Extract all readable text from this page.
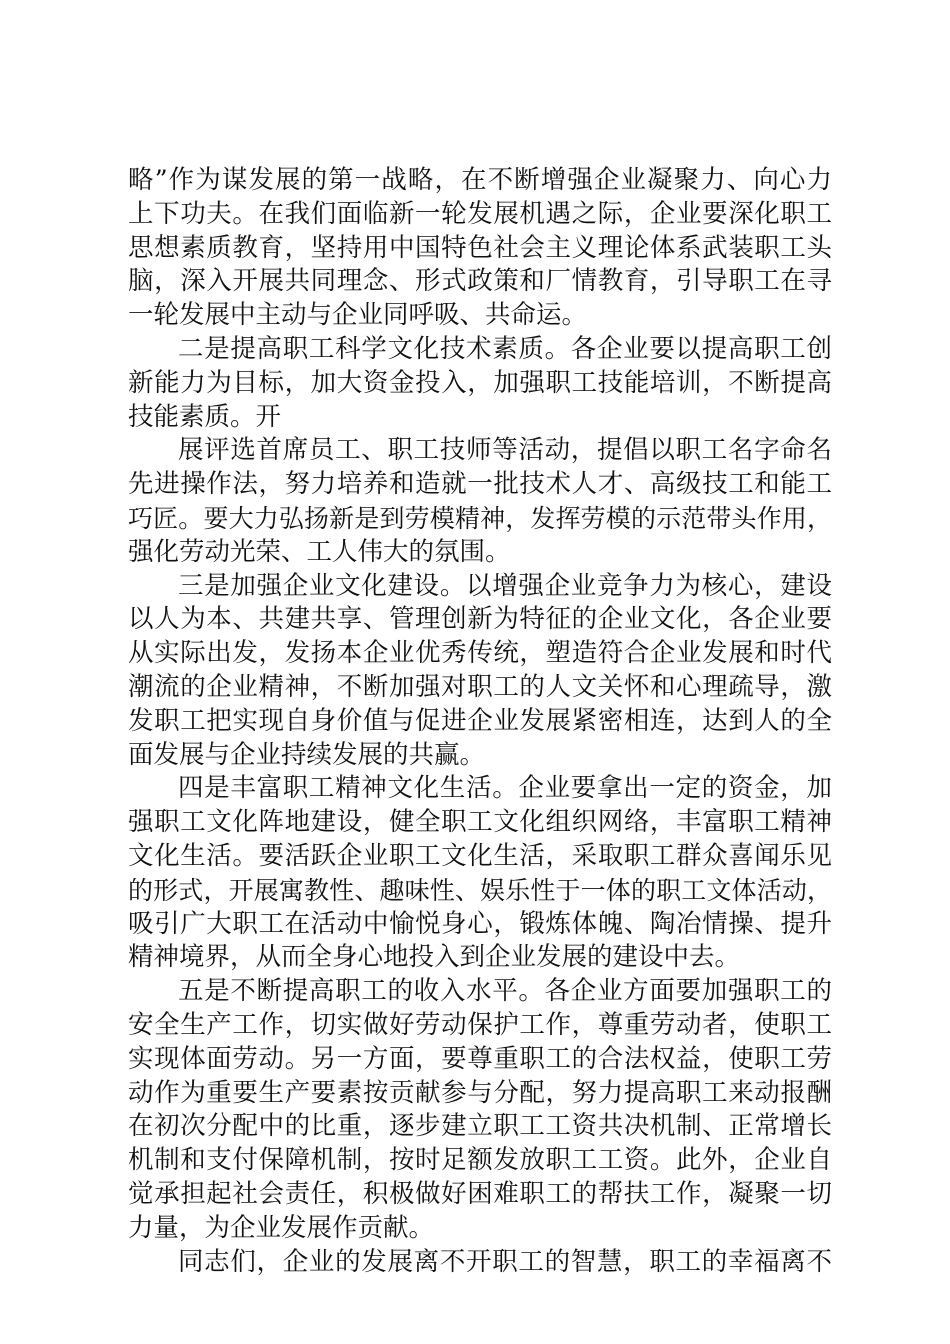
略”作为谋发展的第一战略，在不断增强企业凝聚力、向心力
上下功夫。在我们面临新一轮发展机遇之际，企业要深化职工
思想素质教育，坚持用中国特色社会主义理论体系武装职工头
脑，深入开展共同理念、形式政策和厂情教育，引导职工在寻
一轮发展中主动与企业同呼吸、共命运。
二是提高职工科学文化技术素质。各企业要以提高职工创
新能力为目标，加大资金投入，加强职工技能培训，不断提高
技能素质。开
展评选首席员工、职工技师等活动，提倡以职工名字命名
先进操作法，努力培养和造就一批技术人才、高级技工和能工
巧匠。要大力弘扬新是到劳模精神，发挥劳模的示范带头作用，
强化劳动光荣、工人伟大的氛围。
三是加强企业文化建设。以增强企业竞争力为核心，建设
以人为本、共建共享、管理创新为特征的企业文化，各企业要
从实际出发，发扬本企业优秀传统，塑造符合企业发展和时代
潮流的企业精神，不断加强对职工的人文关怀和心理疏导，激
发职工把实现自身价值与促进企业发展紧密相连，达到人的全
面发展与企业持续发展的共赢。
四是丰富职工精神文化生活。企业要拿出一定的资金，加
强职工文化阵地建设，健全职工文化组织网络，丰富职工精神
文化生活。要活跃企业职工文化生活，采取职工群众喜闻乐见
的形式，开展寓教性、趣味性、娱乐性于一体的职工文体活动，
吸引广大职工在活动中愉悦身心，锻炼体魄、陶冶情操、提升
精神境界，从而全身心地投入到企业发展的建设中去。
五是不断提高职工的收入水平。各企业方面要加强职工的
安全生产工作，切实做好劳动保护工作，尊重劳动者，使职工
实现体面劳动。另一方面，要尊重职工的合法权益，使职工劳
动作为重要生产要素按贡献参与分配，努力提高职工来动报酬
在初次分配中的比重，逐步建立职工工资共决机制、正常增长
机制和支付保障机制，按时足额发放职工工资。此外，企业自
觉承担起社会责任，积极做好困难职工的帮扶工作，凝聚一切
力量，为企业发展作贡献。
同志们，企业的发展离不开职工的智慧，职工的幸福离不
